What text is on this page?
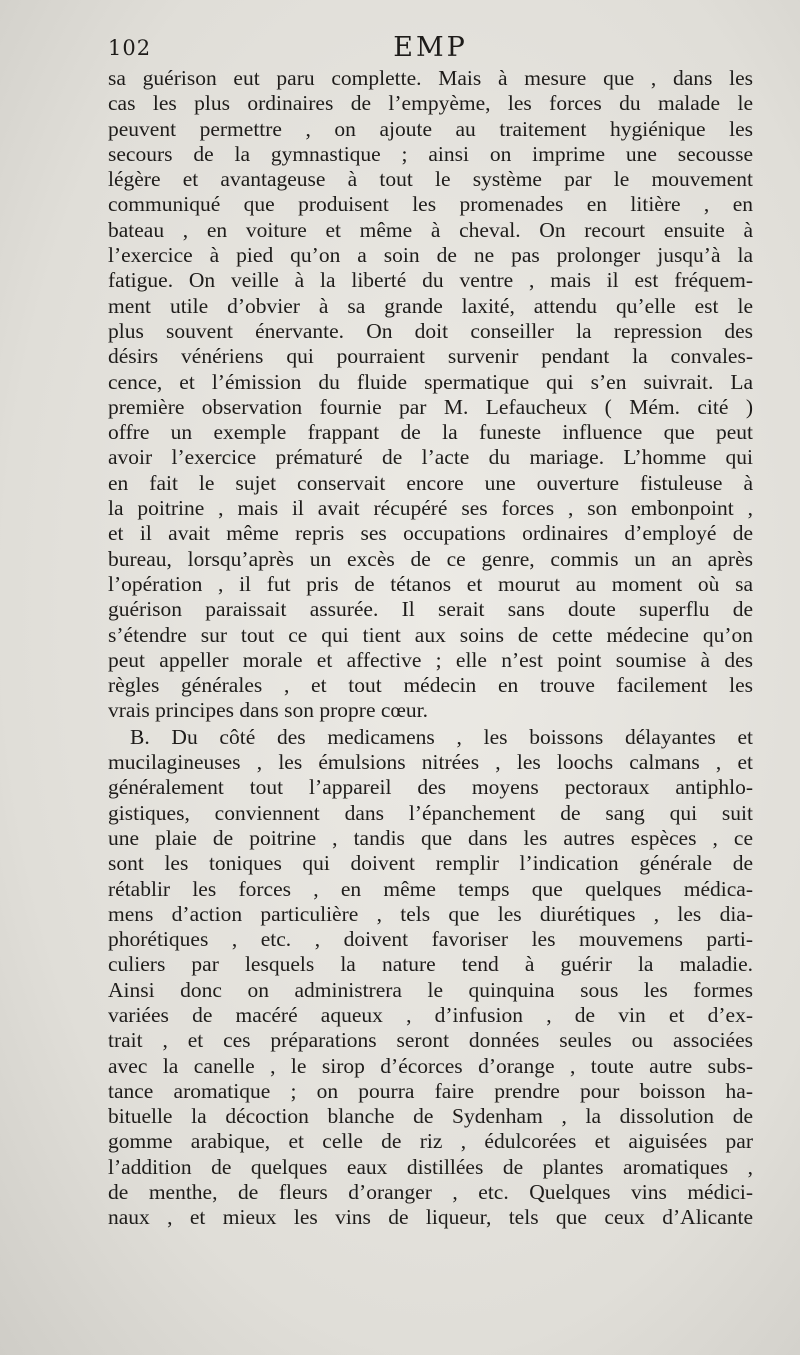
102	EMP
sa guérison eut paru complette. Mais à mesure que , dans les
cas les plus ordinaires de l’empyème, les forces du malade le
peuvent permettre , on ajoute au traitement hygiénique les
secours de la gymnastique ; ainsi on imprime une secousse
légère et avantageuse à tout le système par le mouvement
communiqué que produisent les promenades en litière , en
bateau , en voiture et même à cheval. On recourt ensuite à
l’exercice à pied qu’on a soin de ne pas prolonger jusqu’à la
fatigue. On veille à la liberté du ventre , mais il est fréquem-
ment utile d’obvier à sa grande laxité, attendu qu’elle est le
plus souvent énervante. On doit conseiller la repression des
désirs vénériens qui pourraient survenir pendant la convales-
cence, et l’émission du fluide spermatique qui s’en suivrait. La
première observation fournie par M. Lefaucheux ( Mém. cité )
offre un exemple frappant de la funeste influence que peut
avoir l’exercice prématuré de l’acte du mariage. L’homme qui
en fait le sujet conservait encore une ouverture fistuleuse à
la poitrine , mais il avait récupéré ses forces , son embonpoint ,
et il avait même repris ses occupations ordinaires d’employé de
bureau, lorsqu’après un excès de ce genre, commis un an après
l’opération , il fut pris de tétanos et mourut au moment où sa
guérison paraissait assurée. Il serait sans doute superflu de
s’étendre sur tout ce qui tient aux soins de cette médecine qu’on
peut appeller morale et affective ; elle n’est point soumise à des
règles générales , et tout médecin en trouve facilement les
vrais principes dans son propre cœur.
B. Du côté des medicamens , les boissons délayantes et
mucilagineuses , les émulsions nitrées , les loochs calmans , et
généralement tout l’appareil des moyens pectoraux antiphlo-
gistiques, conviennent dans l’épanchement de sang qui suit
une plaie de poitrine , tandis que dans les autres espèces , ce
sont les toniques qui doivent remplir l’indication générale de
rétablir les forces , en même temps que quelques médica-
mens d’action particulière , tels que les diurétiques , les dia-
phorétiques , etc. , doivent favoriser les mouvemens parti-
culiers par lesquels la nature tend à guérir la maladie.
Ainsi donc on administrera le quinquina sous les formes
variées de macéré aqueux , d’infusion , de vin et d’ex-
trait , et ces préparations seront données seules ou associées
avec la canelle , le sirop d’écorces d’orange , toute autre subs-
tance aromatique ; on pourra faire prendre pour boisson ha-
bituelle la décoction blanche de Sydenham , la dissolution de
gomme arabique, et celle de riz , édulcorées et aiguisées par
l’addition de quelques eaux distillées de plantes aromatiques ,
de menthe, de fleurs d’oranger , etc. Quelques vins médici-
naux , et mieux les vins de liqueur, tels que ceux d’Alicante
